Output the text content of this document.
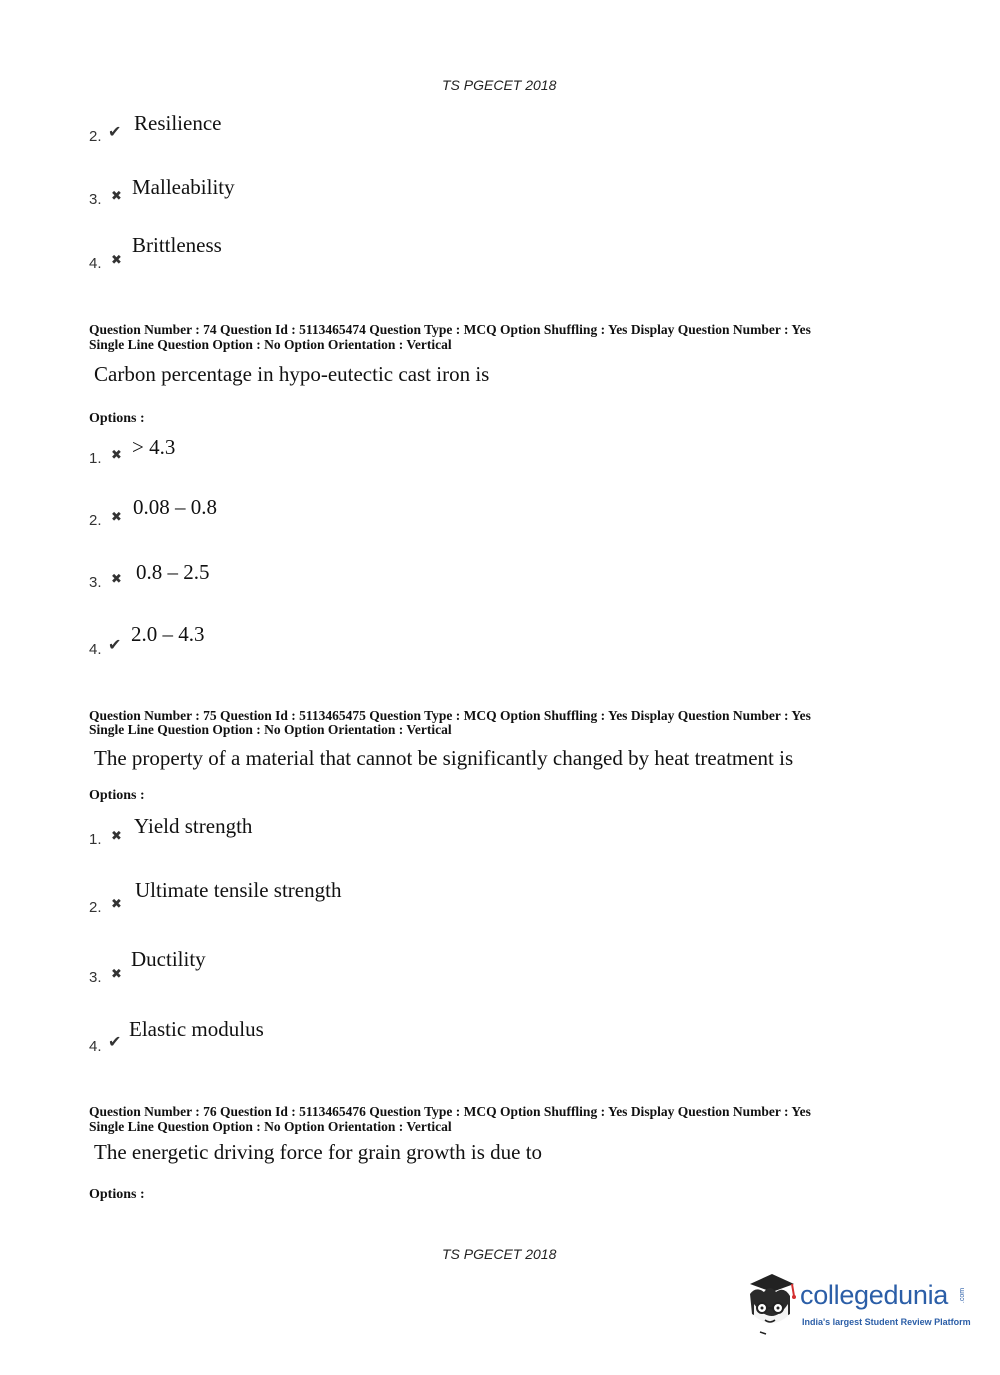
TS PGECET 2018
2. ✔ Resilience
3. ✖ Malleability
4. ✖
Brittleness
Question Number : 74 Question Id : 5113465474 Question Type : MCQ Option Shuffling : Yes Display Question Number : Yes
Single Line Question Option : No Option Orientation : Vertical
Carbon percentage in hypo-eutectic cast iron is
Options :
1. ✖ > 4.3
2. ✖ 0.08 – 0.8
3. ✖ 0.8 – 2.5
4. ✔ 2.0 – 4.3
Question Number : 75 Question Id : 5113465475 Question Type : MCQ Option Shuffling : Yes Display Question Number : Yes
Single Line Question Option : No Option Orientation : Vertical
The property of a material that cannot be significantly changed by heat treatment is
Options :
1. ✖ Yield strength
2. ✖
Ultimate tensile strength
3. ✖
Ductility
4. ✔
Elastic modulus
Question Number : 76 Question Id : 5113465476 Question Type : MCQ Option Shuffling : Yes Display Question Number : Yes
Single Line Question Option : No Option Orientation : Vertical
The energetic driving force for grain growth is due to
Options :
TS PGECET 2018
collegedunia .com
India's largest Student Review Platform
